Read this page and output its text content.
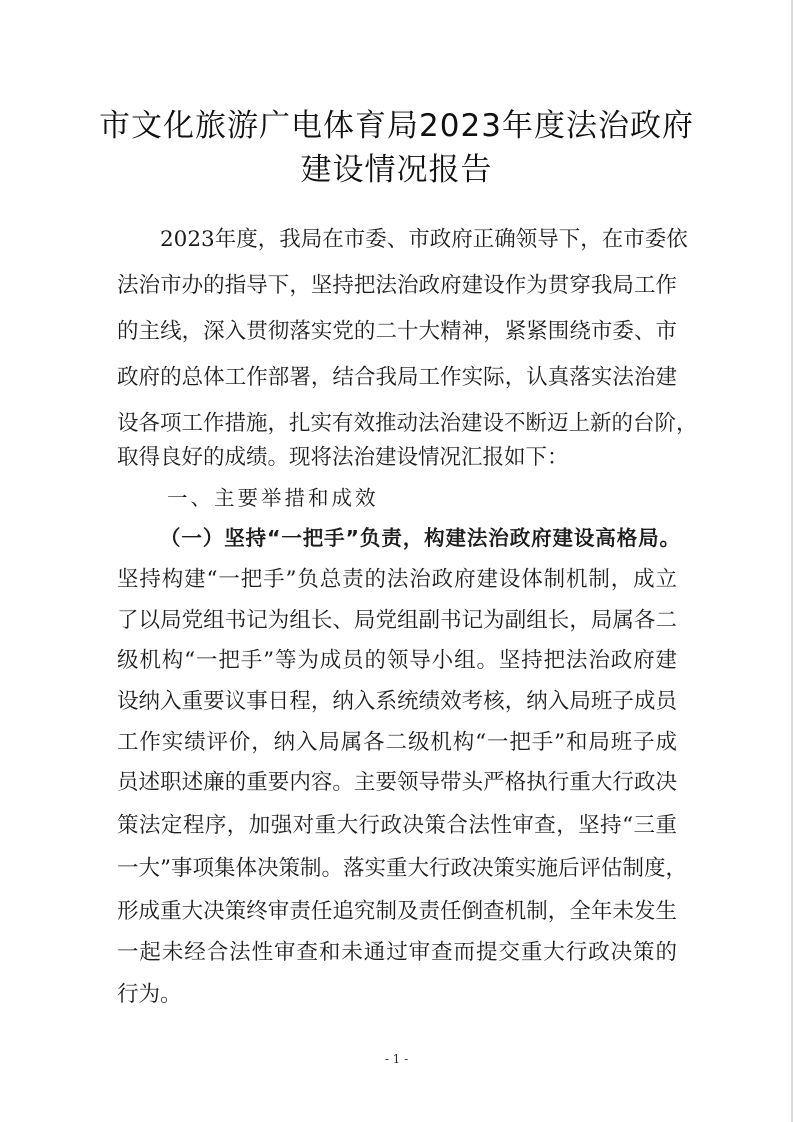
市文化旅游广电体育局2023年度法治政府
建设情况报告
2023年度，我局在市委、市政府正确领导下，在市委依
法治市办的指导下，坚持把法治政府建设作为贯穿我局工作
的主线，深入贯彻落实党的二十大精神，紧紧围绕市委、市
政府的总体工作部署，结合我局工作实际，认真落实法治建
设各项工作措施，扎实有效推动法治建设不断迈上新的台阶，
取得良好的成绩。现将法治建设情况汇报如下：
一、主要举措和成效
（一）坚持“一把手”负责，构建法治政府建设高格局。
坚持构建“一把手”负总责的法治政府建设体制机制，成立
了以局党组书记为组长、局党组副书记为副组长，局属各二
级机构“一把手”等为成员的领导小组。坚持把法治政府建
设纳入重要议事日程，纳入系统绩效考核，纳入局班子成员
工作实绩评价，纳入局属各二级机构“一把手”和局班子成
员述职述廉的重要内容。主要领导带头严格执行重大行政决
策法定程序，加强对重大行政决策合法性审查，坚持“三重
一大”事项集体决策制。落实重大行政决策实施后评估制度，
形成重大决策终审责任追究制及责任倒查机制，全年未发生
一起未经合法性审查和未通过审查而提交重大行政决策的
行为。
- 1 -
